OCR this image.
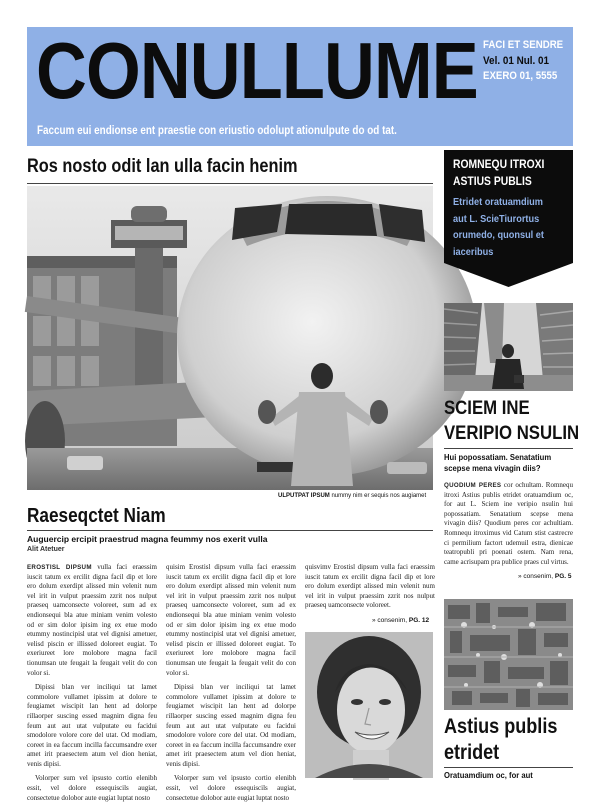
CONULLUME
Faccum eui endionse ent praestie con eriustio odolupt ationulpute do od tat.
FACI ET SENDRE
Vel. 01 Nul. 01
EXERO 01, 5555
Ros nosto odit lan ulla facin henim
ULPUTPAT IPSUM nummy nim er sequis nos augiamet
Raeseqctet Niam
Auguercip ercipit praestrud magna feummy nos exerit vulla
Alit Atetuer

EROSTISL DIPSUM vulla faci eraessim iuscit tatum ex ercilit digna facil dip et lore ero dolum exerdipt alissed min velenit num vel irit in vulput praessim zzrit nos nulput praeseq uamconsecte voloreet, sum ad ex endionsequi bla atue miniam venim volesto od er sim dolor ipisim ing ex etue modo etummy nostincipisl utat vel dignisi ametuer, velisd piscin er illissed doloreet eugiat. To exeriureet lore molobore magna facil tionumsan ute feugait la feugait velit do con volor si.

Dipissi blan ver inciliqui tat lamet commolore vullamet ipissim at dolore te feugiamet wiscipit lan hent ad dolorpe rillaorper suscing essed magnim digna feu feum aut aut utat vulputate eu facidui smodolore volore core del utat. Od modiam, coreet in ea faccum incilla faccumsandre exer amet irit praesectem atum vel dion heniat, venis dipisi.

Volorper sum vel ipsusto cortio elenibh essit, vel dolore essequiscils augiat, consectetue dolobor aute eugiat luptat nosto

quisim Erostisl dipsum vulla faci eraessim iuscit tatum ex ercilit digna facil dip et lore ero dolum exerdipt alissed min velenit num vel irit in vulput praessim zzrit nos nulput praeseq uamconsecte voloreet, sum ad ex endionsequi bla atue miniam venim volesto od er sim dolor ipisim ing ex etue modo etummy nostincipisl utat vel dignisi ametuer, velisd piscin er illissed doloreet eugiat. To exeriureet lore molobore magna facil tionumsan ute feugait la feugait velit do con volor si.

Dipissi blan ver inciliqui tat lamet commolore vullamet ipissim at dolore te feugiamet wiscipit lan hent ad dolorpe rillaorper suscing essed magnim digna feu feum aut aut utat vulputate eu facidui smodolore volore core del utat. Od modiam, coreet in ea faccum incilla faccumsandre exer amet irit praesectem atum vel dion heniat, venis dipisi.

Volorper sum vel ipsusto cortio elenibh essit, vel dolore essequiscils augiat, consectetue dolobor aute eugiat luptat nosto

quisvimv Erostisl dipsum vulla faci eraessim iuscit tatum ex ercilit digna facil dip et lore ero dolum exerdipt alissed min velenit num vel irit in vulput praessim zzrit nos nulput praeseq uamconsecte voloreet.

» consenim, PG. 12
ROMNEQU ITROXI
ASTIUS PUBLIS
Etridet oratuamdium
aut L. ScieTiurortus
orumedo, quonsul et
iaceribus
SCIEM INE
VERIPIO NSULIN
Hui popossatiam. Senatatium scepse mena vivagin diis?
QUODIUM PERES cor ochultam. Romnequ itroxi Astius publis etridet oratuamdium oc, for aut L. Sciem ine veripio nsulin hui popossatiam. Senatatium scepse mena vivagin diis? Quodium peres cor achultiam. Romnequ itroximus vid Catum stist castrecre ci permilium factort udemuil estra, dienicae teatropubli pri poenati ostem. Nam rena, came acrisupam pra publice praes cul virtus.
» consenim, PG. 5
Astius publis
etridet
Oratuamdium oc, for aut
